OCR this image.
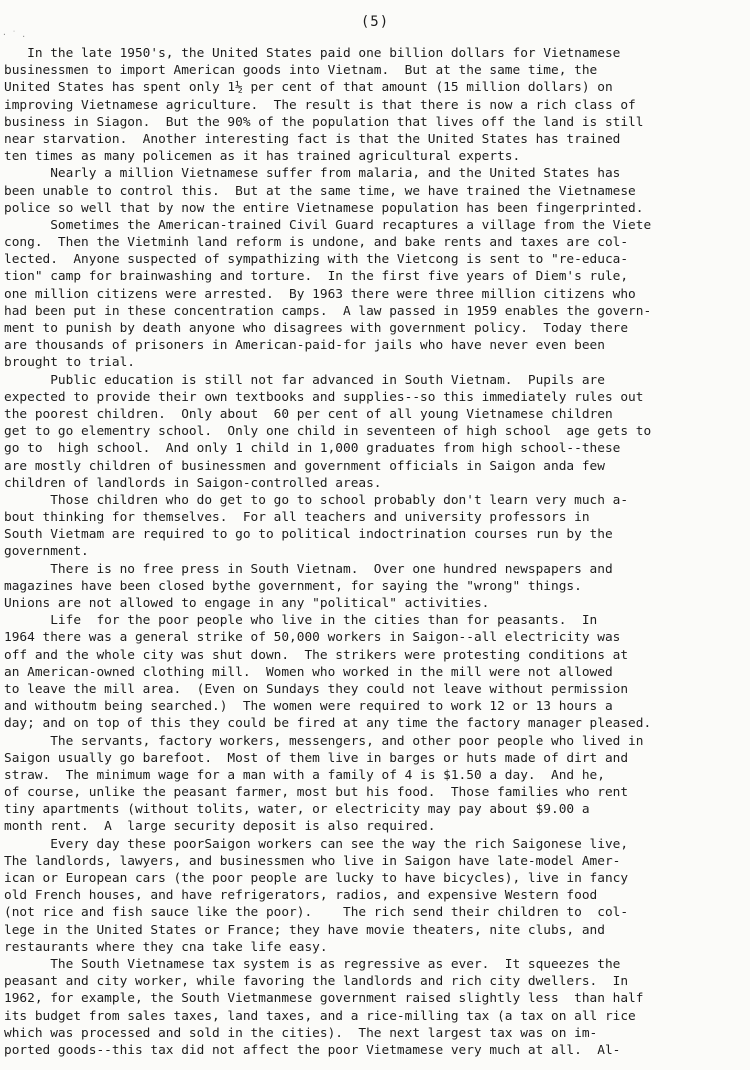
· ˙ .
(5)
In the late 1950's, the United States paid one billion dollars for Vietnamese
businessmen to import American goods into Vietnam.  But at the same time, the
United States has spent only 1½ per cent of that amount (15 million dollars) on
improving Vietnamese agriculture.  The result is that there is now a rich class of
business in Siagon.  But the 90% of the population that lives off the land is still
near starvation.  Another interesting fact is that the United States has trained
ten times as many policemen as it has trained agricultural experts.
Nearly a million Vietnamese suffer from malaria, and the United States has
been unable to control this.  But at the same time, we have trained the Vietnamese
police so well that by now the entire Vietnamese population has been fingerprinted.
Sometimes the American-trained Civil Guard recaptures a village from the Viete
cong.  Then the Vietminh land reform is undone, and bake rents and taxes are col-
lected.  Anyone suspected of sympathizing with the Vietcong is sent to "re-educa-
tion" camp for brainwashing and torture.  In the first five years of Diem's rule,
one million citizens were arrested.  By 1963 there were three million citizens who
had been put in these concentration camps.  A law passed in 1959 enables the govern-
ment to punish by death anyone who disagrees with government policy.  Today there
are thousands of prisoners in American-paid-for jails who have never even been
brought to trial.
Public education is still not far advanced in South Vietnam.  Pupils are
expected to provide their own textbooks and supplies--so this immediately rules out
the poorest children.  Only about  60 per cent of all young Vietnamese children
get to go elementry school.  Only one child in seventeen of high school  age gets to
go to  high school.  And only 1 child in 1,000 graduates from high school--these
are mostly children of businessmen and government officials in Saigon anda few
children of landlords in Saigon-controlled areas.
Those children who do get to go to school probably don't learn very much a-
bout thinking for themselves.  For all teachers and university professors in
South Vietmam are required to go to political indoctrination courses run by the
government.
There is no free press in South Vietnam.  Over one hundred newspapers and
magazines have been closed bythe government, for saying the "wrong" things.
Unions are not allowed to engage in any "political" activities.
Life  for the poor people who live in the cities than for peasants.  In
1964 there was a general strike of 50,000 workers in Saigon--all electricity was
off and the whole city was shut down.  The strikers were protesting conditions at
an American-owned clothing mill.  Women who worked in the mill were not allowed
to leave the mill area.  (Even on Sundays they could not leave without permission
and withoutm being searched.)  The women were required to work 12 or 13 hours a
day; and on top of this they could be fired at any time the factory manager pleased.
The servants, factory workers, messengers, and other poor people who lived in
Saigon usually go barefoot.  Most of them live in barges or huts made of dirt and
straw.  The minimum wage for a man with a family of 4 is $1.50 a day.  And he,
of course, unlike the peasant farmer, most but his food.  Those families who rent
tiny apartments (without tolits, water, or electricity may pay about $9.00 a
month rent.  A  large security deposit is also required.
Every day these poorSaigon workers can see the way the rich Saigonese live,
The landlords, lawyers, and businessmen who live in Saigon have late-model Amer-
ican or European cars (the poor people are lucky to have bicycles), live in fancy
old French houses, and have refrigerators, radios, and expensive Western food
(not rice and fish sauce like the poor).    The rich send their children to  col-
lege in the United States or France; they have movie theaters, nite clubs, and
restaurants where they cna take life easy.
The South Vietnamese tax system is as regressive as ever.  It squeezes the
peasant and city worker, while favoring the landlords and rich city dwellers.  In
1962, for example, the South Vietmanmese government raised slightly less  than half
its budget from sales taxes, land taxes, and a rice-milling tax (a tax on all rice
which was processed and sold in the cities).  The next largest tax was on im-
ported goods--this tax did not affect the poor Vietmamese very much at all.  Al-
